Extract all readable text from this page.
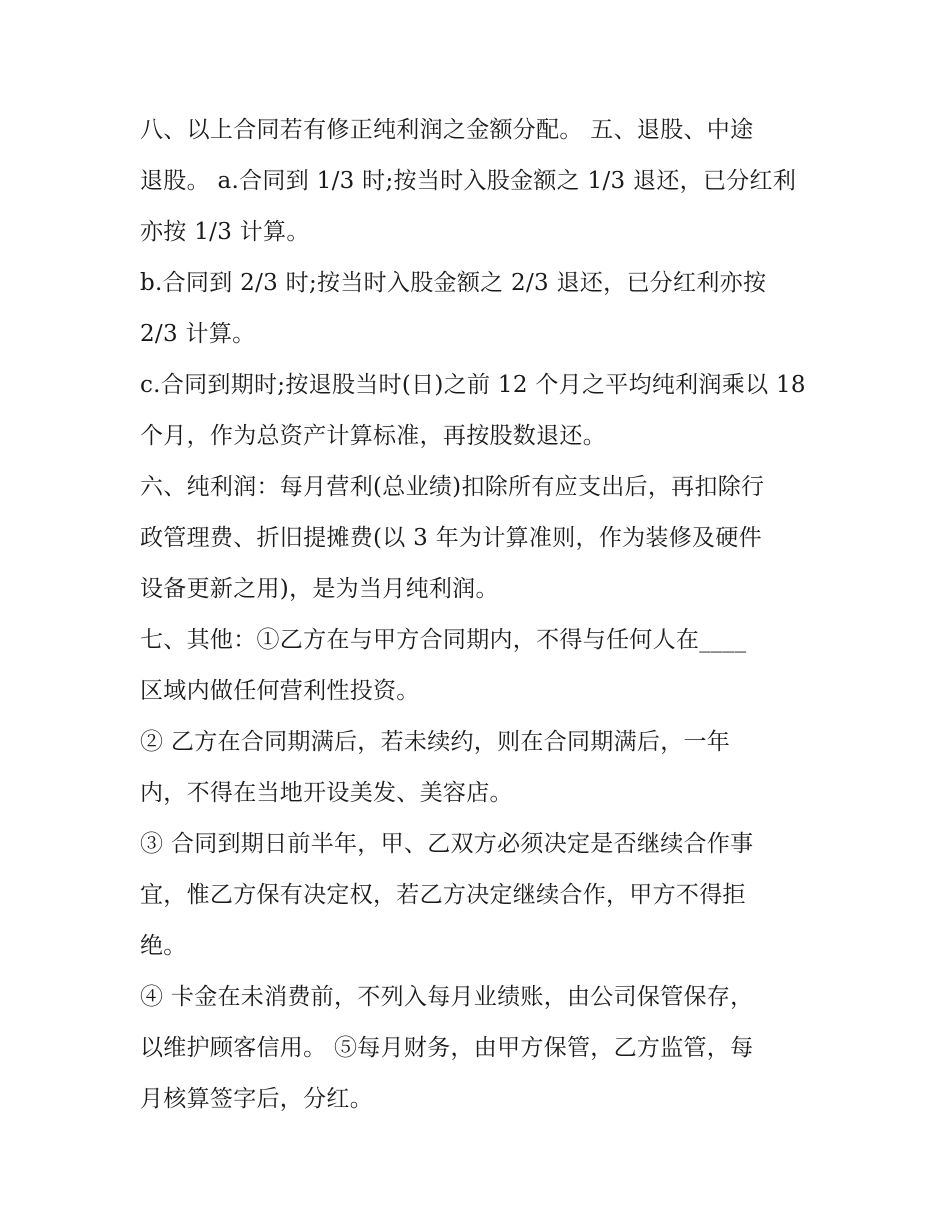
八、以上合同若有修正纯利润之金额分配。 五、退股、中途
退股。 a.合同到 1/3 时;按当时入股金额之 1/3 退还，已分红利
亦按 1/3 计算。
b.合同到 2/3 时;按当时入股金额之 2/3 退还，已分红利亦按
2/3 计算。
c.合同到期时;按退股当时(日)之前 12 个月之平均纯利润乘以 18
个月，作为总资产计算标准，再按股数退还。
六、纯利润：每月营利(总业绩)扣除所有应支出后，再扣除行
政管理费、折旧提摊费(以 3 年为计算准则，作为装修及硬件
设备更新之用)，是为当月纯利润。
七、其他：①乙方在与甲方合同期内，不得与任何人在____
区域内做任何营利性投资。
② 乙方在合同期满后，若未续约，则在合同期满后，一年
内，不得在当地开设美发、美容店。
③ 合同到期日前半年，甲、乙双方必须决定是否继续合作事
宜，惟乙方保有决定权，若乙方决定继续合作，甲方不得拒
绝。
④ 卡金在未消费前，不列入每月业绩账，由公司保管保存，
以维护顾客信用。 ⑤每月财务，由甲方保管，乙方监管，每
月核算签字后，分红。
